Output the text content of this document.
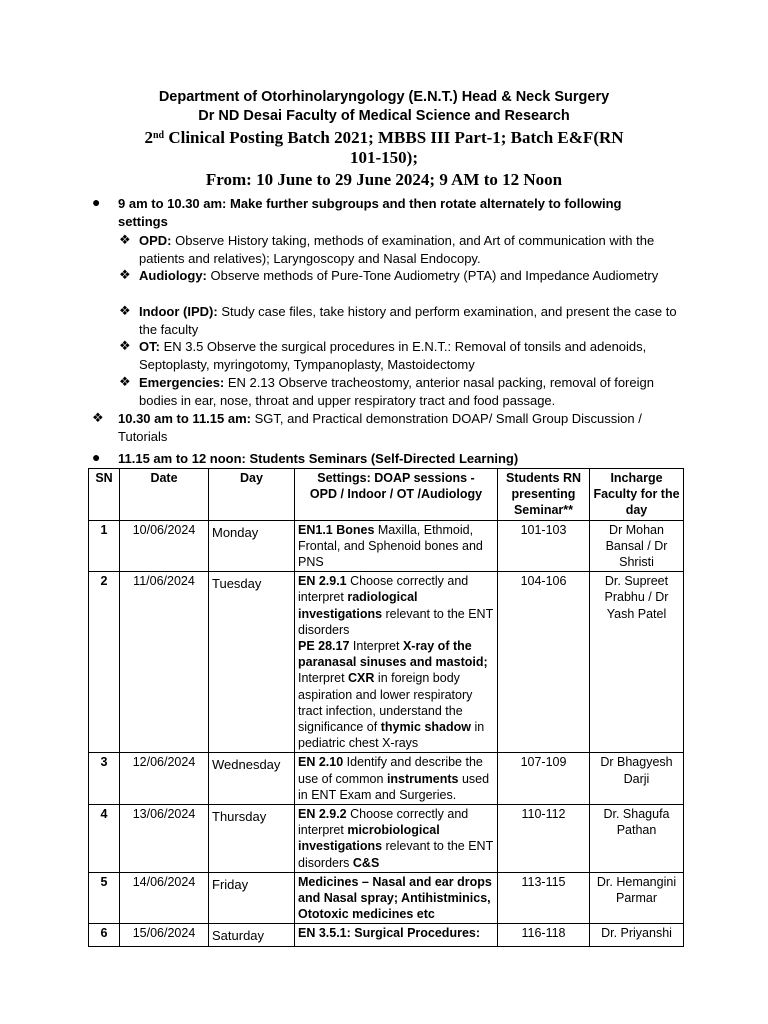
Department of Otorhinolaryngology (E.N.T.) Head & Neck Surgery
Dr ND Desai Faculty of Medical Science and Research
2nd Clinical Posting Batch 2021; MBBS III Part-1; Batch E&F(RN
101-150);
From: 10 June to 29 June 2024; 9 AM to 12 Noon
● 9 am to 10.30 am: Make further subgroups and then rotate alternately to following settings
❖ OPD: Observe History taking, methods of examination, and Art of communication with the patients and relatives); Laryngoscopy and Nasal Endocopy.
❖ Audiology: Observe methods of Pure-Tone Audiometry (PTA) and Impedance Audiometry
❖ Indoor (IPD): Study case files, take history and perform examination, and present the case to the faculty
❖ OT: EN 3.5 Observe the surgical procedures in E.N.T.: Removal of tonsils and adenoids, Septoplasty, myringotomy, Tympanoplasty, Mastoidectomy
❖ Emergencies: EN 2.13 Observe tracheostomy, anterior nasal packing, removal of foreign bodies in ear, nose, throat and upper respiratory tract and food passage.
❖ 10.30 am to 11.15 am: SGT, and Practical demonstration DOAP/ Small Group Discussion / Tutorials
● 11.15 am to 12 noon: Students Seminars (Self-Directed Learning)
SN	Date	Day	Settings: DOAP sessions -
OPD / Indoor / OT /Audiology	Students RN presenting Seminar**	Incharge Faculty for the day
1	10/06/2024	Monday	EN1.1 Bones Maxilla, Ethmoid, Frontal, and Sphenoid bones and PNS	101-103	Dr Mohan Bansal / Dr Shristi
2	11/06/2024	Tuesday	EN 2.9.1 Choose correctly and interpret radiological investigations relevant to the ENT disorders
PE 28.17 Interpret X-ray of the paranasal sinuses and mastoid; Interpret CXR in foreign body aspiration and lower respiratory tract infection, understand the significance of thymic shadow in pediatric chest X-rays	104-106	Dr. Supreet Prabhu / Dr Yash Patel
3	12/06/2024	Wednesday	EN 2.10 Identify and describe the use of common instruments used in ENT Exam and Surgeries.	107-109	Dr Bhagyesh Darji
4	13/06/2024	Thursday	EN 2.9.2 Choose correctly and interpret microbiological investigations relevant to the ENT disorders C&S	110-112	Dr. Shagufa Pathan
5	14/06/2024	Friday	Medicines – Nasal and ear drops and Nasal spray; Antihistminics, Ototoxic medicines etc	113-115	Dr. Hemangini Parmar
6	15/06/2024	Saturday	EN 3.5.1: Surgical Procedures:	116-118	Dr. Priyanshi
